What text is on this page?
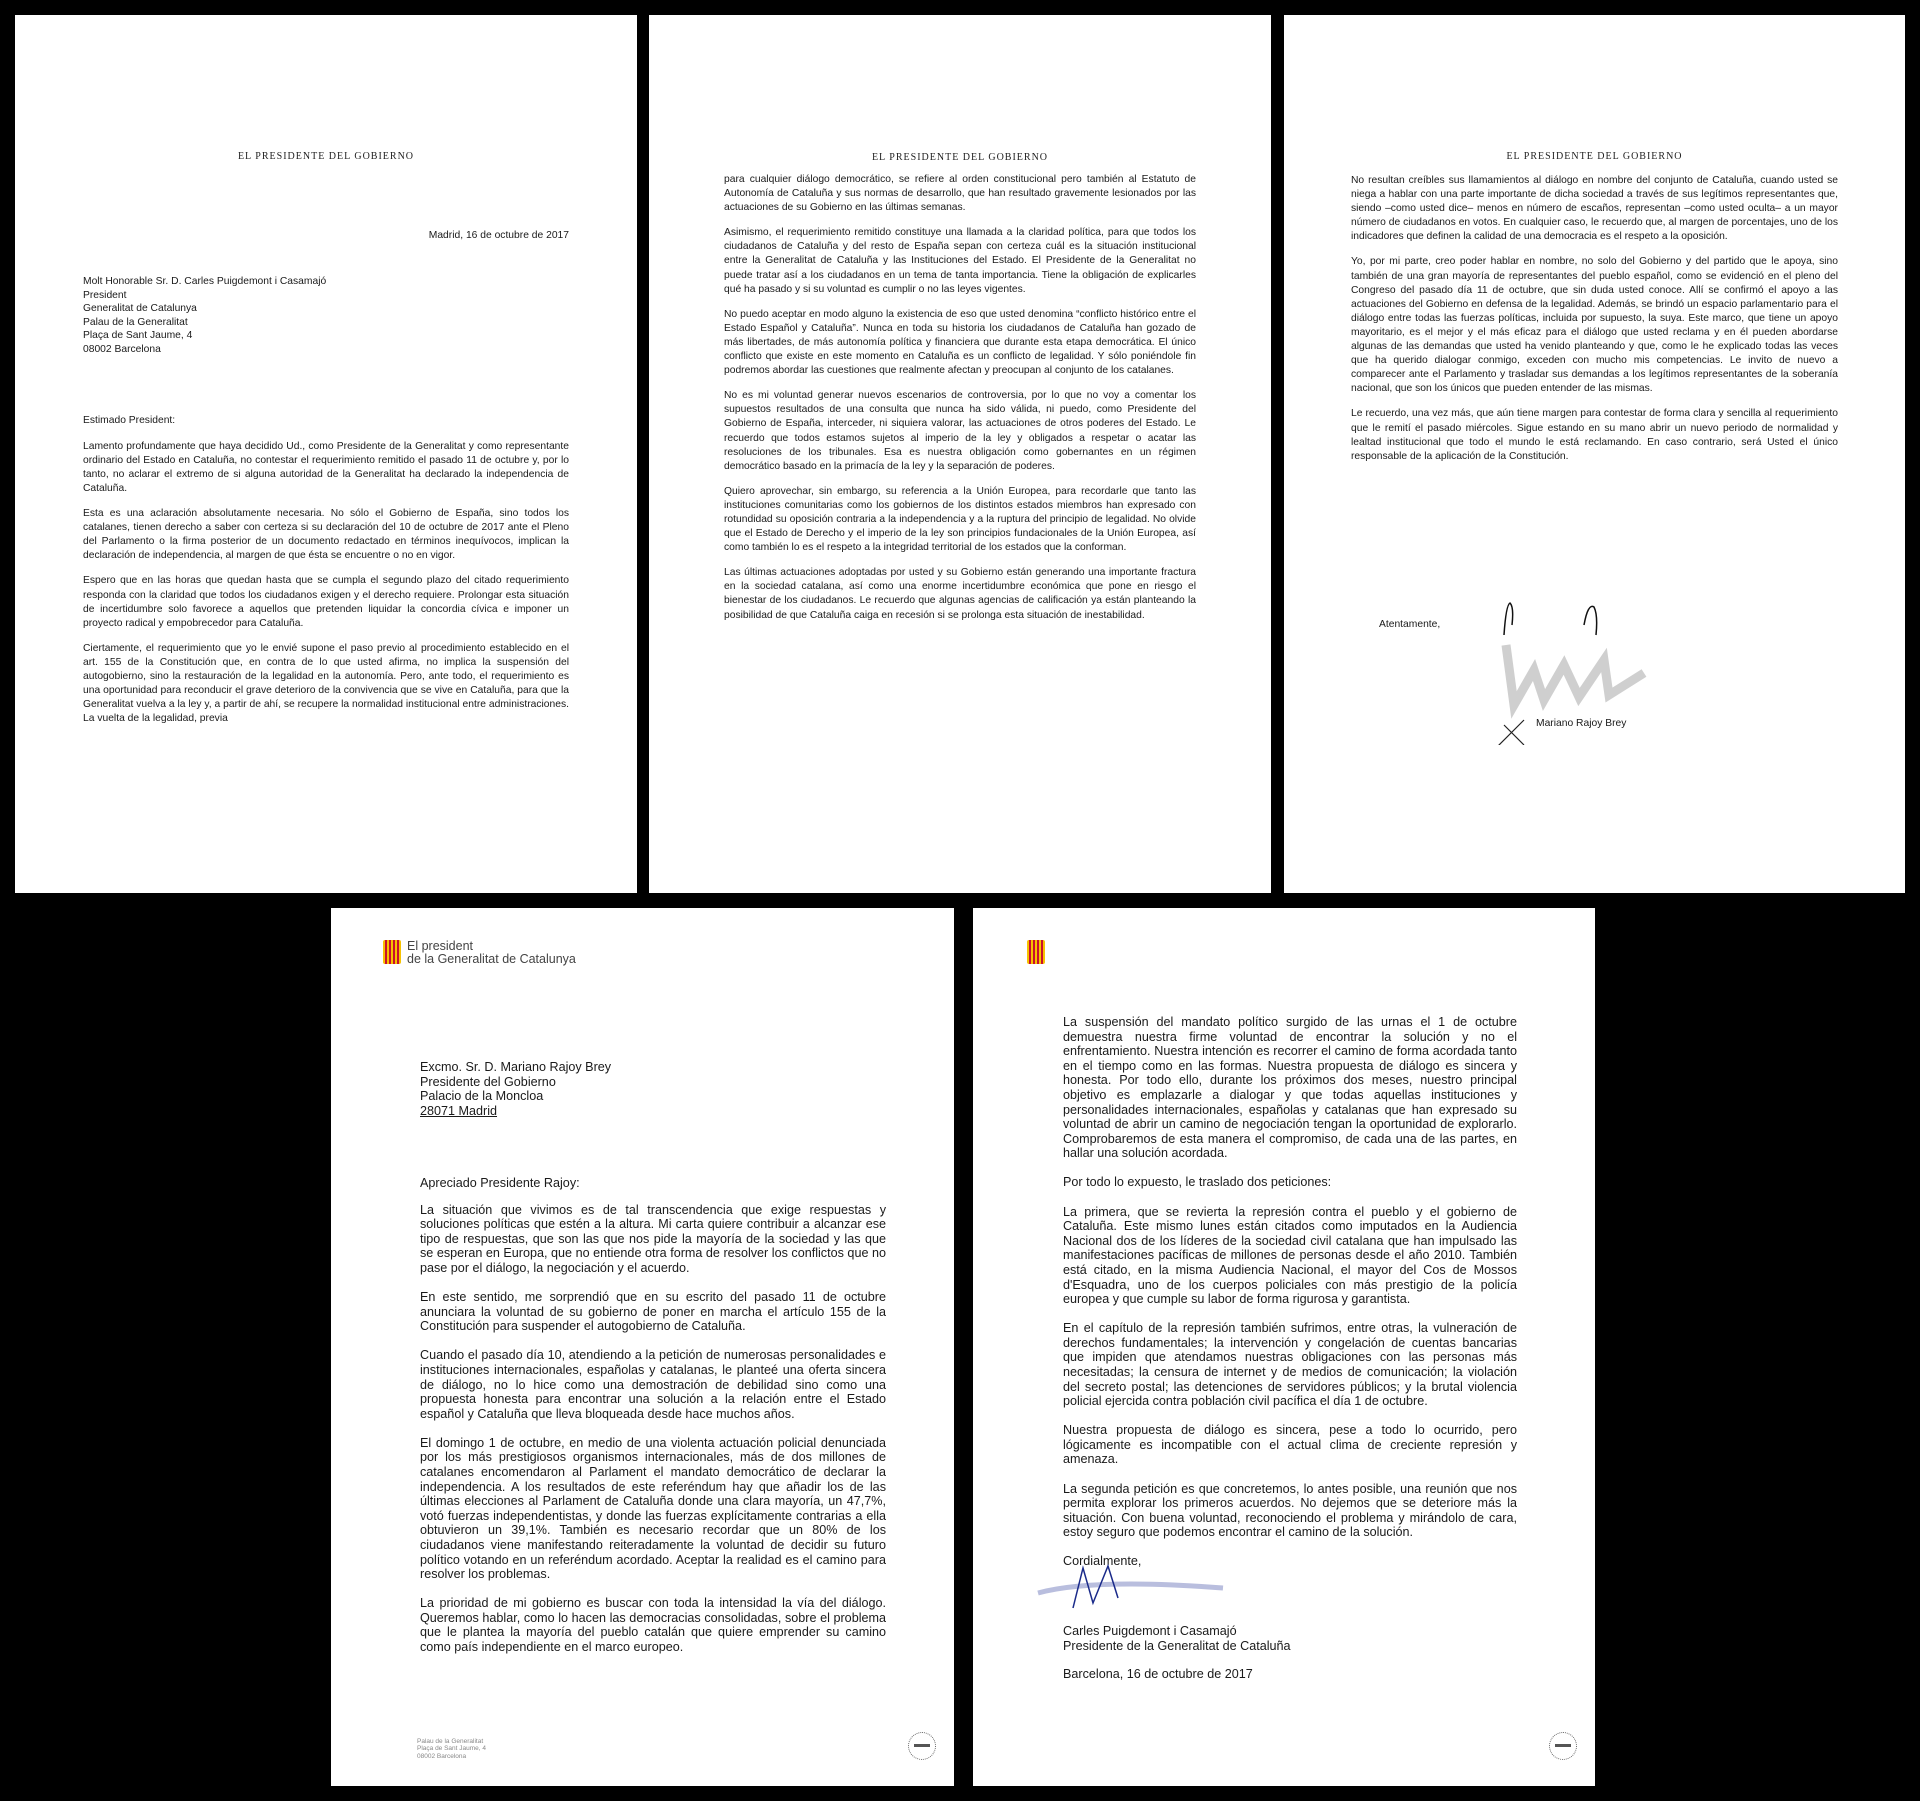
EL PRESIDENTE DEL GOBIERNO
Madrid, 16 de octubre de 2017
Molt Honorable Sr. D. Carles Puigdemont i Casamajó
President
Generalitat de Catalunya
Palau de la Generalitat
Plaça de Sant Jaume, 4
08002 Barcelona

Estimado President:

Lamento profundamente que haya decidido Ud., como Presidente de la Generalitat y como representante ordinario del Estado en Cataluña, no contestar el requerimiento remitido el pasado 11 de octubre y, por lo tanto, no aclarar el extremo de si alguna autoridad de la Generalitat ha declarado la independencia de Cataluña.

Esta es una aclaración absolutamente necesaria. No sólo el Gobierno de España, sino todos los catalanes, tienen derecho a saber con certeza si su declaración del 10 de octubre de 2017 ante el Pleno del Parlamento o la firma posterior de un documento redactado en términos inequívocos, implican la declaración de independencia, al margen de que ésta se encuentre o no en vigor.

Espero que en las horas que quedan hasta que se cumpla el segundo plazo del citado requerimiento responda con la claridad que todos los ciudadanos exigen y el derecho requiere. Prolongar esta situación de incertidumbre solo favorece a aquellos que pretenden liquidar la concordia cívica e imponer un proyecto radical y empobrecedor para Cataluña.

Ciertamente, el requerimiento que yo le envié supone el paso previo al procedimiento establecido en el art. 155 de la Constitución que, en contra de lo que usted afirma, no implica la suspensión del autogobierno, sino la restauración de la legalidad en la autonomía. Pero, ante todo, el requerimiento es una oportunidad para reconducir el grave deterioro de la convivencia que se vive en Cataluña, para que la Generalitat vuelva a la ley y, a partir de ahí, se recupere la normalidad institucional entre administraciones. La vuelta de la legalidad, previa

EL PRESIDENTE DEL GOBIERNO

para cualquier diálogo democrático, se refiere al orden constitucional pero también al Estatuto de Autonomía de Cataluña y sus normas de desarrollo, que han resultado gravemente lesionados por las actuaciones de su Gobierno en las últimas semanas.

Asimismo, el requerimiento remitido constituye una llamada a la claridad política, para que todos los ciudadanos de Cataluña y del resto de España sepan con certeza cuál es la situación institucional entre la Generalitat de Cataluña y las Instituciones del Estado. El Presidente de la Generalitat no puede tratar así a los ciudadanos en un tema de tanta importancia. Tiene la obligación de explicarles qué ha pasado y si su voluntad es cumplir o no las leyes vigentes.

No puedo aceptar en modo alguno la existencia de eso que usted denomina “conflicto histórico entre el Estado Español y Cataluña”. Nunca en toda su historia los ciudadanos de Cataluña han gozado de más libertades, de más autonomía política y financiera que durante esta etapa democrática. El único conflicto que existe en este momento en Cataluña es un conflicto de legalidad. Y sólo poniéndole fin podremos abordar las cuestiones que realmente afectan y preocupan al conjunto de los catalanes.

No es mi voluntad generar nuevos escenarios de controversia, por lo que no voy a comentar los supuestos resultados de una consulta que nunca ha sido válida, ni puedo, como Presidente del Gobierno de España, interceder, ni siquiera valorar, las actuaciones de otros poderes del Estado. Le recuerdo que todos estamos sujetos al imperio de la ley y obligados a respetar o acatar las resoluciones de los tribunales. Esa es nuestra obligación como gobernantes en un régimen democrático basado en la primacía de la ley y la separación de poderes.

Quiero aprovechar, sin embargo, su referencia a la Unión Europea, para recordarle que tanto las instituciones comunitarias como los gobiernos de los distintos estados miembros han expresado con rotundidad su oposición contraria a la independencia y a la ruptura del principio de legalidad. No olvide que el Estado de Derecho y el imperio de la ley son principios fundacionales de la Unión Europea, así como también lo es el respeto a la integridad territorial de los estados que la conforman.

Las últimas actuaciones adoptadas por usted y su Gobierno están generando una importante fractura en la sociedad catalana, así como una enorme incertidumbre económica que pone en riesgo el bienestar de los ciudadanos. Le recuerdo que algunas agencias de calificación ya están planteando la posibilidad de que Cataluña caiga en recesión si se prolonga esta situación de inestabilidad.

EL PRESIDENTE DEL GOBIERNO

No resultan creíbles sus llamamientos al diálogo en nombre del conjunto de Cataluña, cuando usted se niega a hablar con una parte importante de dicha sociedad a través de sus legítimos representantes que, siendo –como usted dice– menos en número de escaños, representan –como usted oculta– a un mayor número de ciudadanos en votos. En cualquier caso, le recuerdo que, al margen de porcentajes, uno de los indicadores que definen la calidad de una democracia es el respeto a la oposición.

Yo, por mi parte, creo poder hablar en nombre, no solo del Gobierno y del partido que le apoya, sino también de una gran mayoría de representantes del pueblo español, como se evidenció en el pleno del Congreso del pasado día 11 de octubre, que sin duda usted conoce. Allí se confirmó el apoyo a las actuaciones del Gobierno en defensa de la legalidad. Además, se brindó un espacio parlamentario para el diálogo entre todas las fuerzas políticas, incluida por supuesto, la suya. Este marco, que tiene un apoyo mayoritario, es el mejor y el más eficaz para el diálogo que usted reclama y en él pueden abordarse algunas de las demandas que usted ha venido planteando y que, como le he explicado todas las veces que ha querido dialogar conmigo, exceden con mucho mis competencias. Le invito de nuevo a comparecer ante el Parlamento y trasladar sus demandas a los legítimos representantes de la soberanía nacional, que son los únicos que pueden entender de las mismas.

Le recuerdo, una vez más, que aún tiene margen para contestar de forma clara y sencilla al requerimiento que le remití el pasado miércoles. Sigue estando en su mano abrir un nuevo periodo de normalidad y lealtad institucional que todo el mundo le está reclamando. En caso contrario, será Usted el único responsable de la aplicación de la Constitución.

Atentamente,
Mariano Rajoy Brey
El president
de la Generalitat de Catalunya
Excmo. Sr. D. Mariano Rajoy Brey
Presidente del Gobierno
Palacio de la Moncloa
28071 Madrid

Apreciado Presidente Rajoy:

La situación que vivimos es de tal transcendencia que exige respuestas y soluciones políticas que estén a la altura. Mi carta quiere contribuir a alcanzar ese tipo de respuestas, que son las que nos pide la mayoría de la sociedad y las que se esperan en Europa, que no entiende otra forma de resolver los conflictos que no pase por el diálogo, la negociación y el acuerdo.

En este sentido, me sorprendió que en su escrito del pasado 11 de octubre anunciara la voluntad de su gobierno de poner en marcha el artículo 155 de la Constitución para suspender el autogobierno de Cataluña.

Cuando el pasado día 10, atendiendo a la petición de numerosas personalidades e instituciones internacionales, españolas y catalanas, le planteé una oferta sincera de diálogo, no lo hice como una demostración de debilidad sino como una propuesta honesta para encontrar una solución a la relación entre el Estado español y Cataluña que lleva bloqueada desde hace muchos años.

El domingo 1 de octubre, en medio de una violenta actuación policial denunciada por los más prestigiosos organismos internacionales, más de dos millones de catalanes encomendaron al Parlament el mandato democrático de declarar la independencia. A los resultados de este referéndum hay que añadir los de las últimas elecciones al Parlament de Cataluña donde una clara mayoría, un 47,7%, votó fuerzas independentistas, y donde las fuerzas explícitamente contrarias a ella obtuvieron un 39,1%. También es necesario recordar que un 80% de los ciudadanos viene manifestando reiteradamente la voluntad de decidir su futuro político votando en un referéndum acordado. Aceptar la realidad es el camino para resolver los problemas.

La prioridad de mi gobierno es buscar con toda la intensidad la vía del diálogo. Queremos hablar, como lo hacen las democracias consolidadas, sobre el problema que le plantea la mayoría del pueblo catalán que quiere emprender su camino como país independiente en el marco europeo.

Palau de la Generalitat
Plaça de Sant Jaume, 4
08002 Barcelona

La suspensión del mandato político surgido de las urnas el 1 de octubre demuestra nuestra firme voluntad de encontrar la solución y no el enfrentamiento. Nuestra intención es recorrer el camino de forma acordada tanto en el tiempo como en las formas. Nuestra propuesta de diálogo es sincera y honesta. Por todo ello, durante los próximos dos meses, nuestro principal objetivo es emplazarle a dialogar y que todas aquellas instituciones y personalidades internacionales, españolas y catalanas que han expresado su voluntad de abrir un camino de negociación tengan la oportunidad de explorarlo. Comprobaremos de esta manera el compromiso, de cada una de las partes, en hallar una solución acordada.

Por todo lo expuesto, le traslado dos peticiones:

La primera, que se revierta la represión contra el pueblo y el gobierno de Cataluña. Este mismo lunes están citados como imputados en la Audiencia Nacional dos de los líderes de la sociedad civil catalana que han impulsado las manifestaciones pacíficas de millones de personas desde el año 2010. También está citado, en la misma Audiencia Nacional, el mayor del Cos de Mossos d'Esquadra, uno de los cuerpos policiales con más prestigio de la policía europea y que cumple su labor de forma rigurosa y garantista.

En el capítulo de la represión también sufrimos, entre otras, la vulneración de derechos fundamentales; la intervención y congelación de cuentas bancarias que impiden que atendamos nuestras obligaciones con las personas más necesitadas; la censura de internet y de medios de comunicación; la violación del secreto postal; las detenciones de servidores públicos; y la brutal violencia policial ejercida contra población civil pacífica el día 1 de octubre.

Nuestra propuesta de diálogo es sincera, pese a todo lo ocurrido, pero lógicamente es incompatible con el actual clima de creciente represión y amenaza.

La segunda petición es que concretemos, lo antes posible, una reunión que nos permita explorar los primeros acuerdos. No dejemos que se deteriore más la situación. Con buena voluntad, reconociendo el problema y mirándolo de cara, estoy seguro que podemos encontrar el camino de la solución.

Cordialmente,

Carles Puigdemont i Casamajó
Presidente de la Generalitat de Cataluña
Barcelona, 16 de octubre de 2017
